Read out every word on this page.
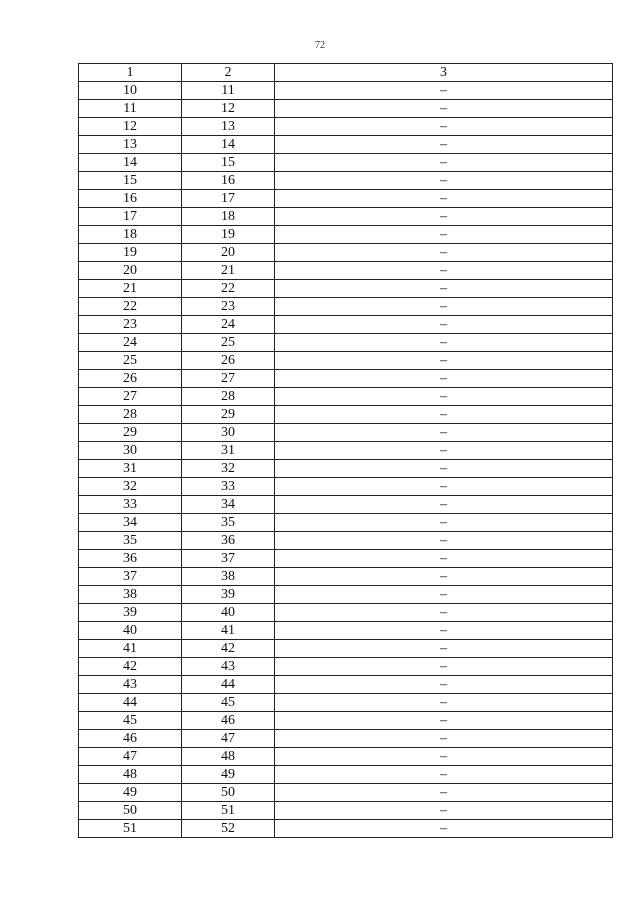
72
1	2	3
10	11	–
11	12	–
12	13	–
13	14	–
14	15	–
15	16	–
16	17	–
17	18	–
18	19	–
19	20	–
20	21	–
21	22	–
22	23	–
23	24	–
24	25	–
25	26	–
26	27	–
27	28	–
28	29	–
29	30	–
30	31	–
31	32	–
32	33	–
33	34	–
34	35	–
35	36	–
36	37	–
37	38	–
38	39	–
39	40	–
40	41	–
41	42	–
42	43	–
43	44	–
44	45	–
45	46	–
46	47	–
47	48	–
48	49	–
49	50	–
50	51	–
51	52	–
